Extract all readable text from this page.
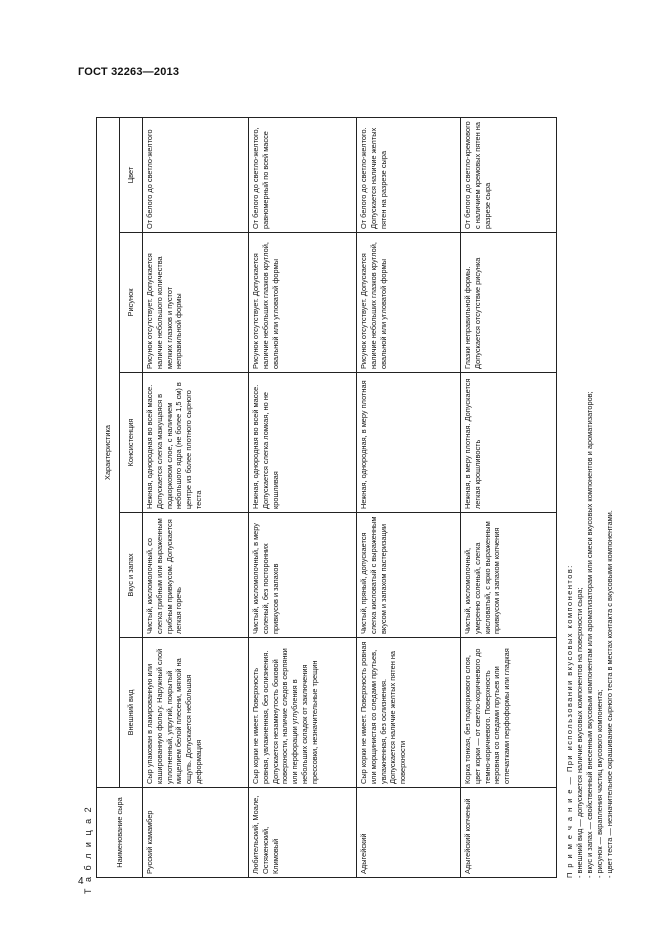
ГОСТ 32263—2013
Т а б л и ц а 2	Наименование сыра	Характеристика				
	Внешний вид	Вкус и запах	Консистенция	Рисунок	Цвет
Русский камамбер	Сыр упакован в лакированную или кашированную фольгу. Наружный слой уплотненный, упругий, покрытый мицелием белой плесени, мягкой на ощупь. Допускается небольшая деформация	Чистый, кисломолочный, со слегка грибным или выраженным грибным привкусом. Допускается легкая горечь	Нежная, однородная во всей массе. Допускается слегка мажущаяся в подкорковом слое, с наличием небольшого ядра (не более 1,5 см) в центре из более плотного сырного теста	Рисунок отсутствует. Допускается наличие небольшого количества мелких глазков и пустот неправильной формы	От белого до светло-желтого
Любительский, Моале, Остяженский, Климовый	Сыр корки не имеет. Поверхность ровная, увлажненная, без ослизнения. Допускается незамкнутость боковой поверхности, наличие следов серпянки или перфорации углубления в небольших складок от заключения прессовки, незначительные трещин	Чистый, кисломолочный, в меру соленый, без посторонних привкусов и запахов	Нежная, однородная во всей массе. Допускается слегка ломкая, но не крошливая	Рисунок отсутствует. Допускается наличие небольших глазков круглой, овальной или угловатой формы	От белого до светло-желтого, равномерный по всей массе
Адыгейский	Сыр корки не имеет. Поверхность ровная или морщинистая со следами прутьев, увлажненная, без ослизнения. Допускается наличие желтых пятен на поверхности	Чистый, пряный, допускается слегка кисловатый с выраженным вкусом и запахом пастеризации	Нежная, однородная, в меру плотная	Рисунок отсутствует. Допускается наличие небольших глазков круглой, овальной или угловатой формы	От белого до светло-желтого. Допускается наличие желтых пятен на разрезе сыра
Адыгейский копченый	Корка тонкая, без подкоркового слоя, цвет корки — от светло-коричневого до темно-коричневого. Поверхность неровная со следами прутьев или отпечатками перфоформы или гладкая	Чистый, кисломолочный, умеренно соленый, слегка кисловатый, с ярко выраженным привкусом и запахом копчения	Нежная, в меру плотная. Допускается легкая крошливость	Глазки неправильной формы. Допускается отсутствие рисунка	От белого до светло-кремового с наличием кремовых пятен на разрезе сыра
П р и м е ч а н и е — При использовании вкусовых компонентов: - внешний вид — допускается наличие вкусовых компонентов на поверхности сыра; - вкус и запах — свойственный внесенным вкусовым компонентам или ароматизаторам или смеси вкусовых компонентов и ароматизаторов; - рисунок — вкрапления частиц вкусового компонента; - цвет теста — незначительное окрашивание сырного теста в местах контакта с вкусовыми компонентами.
4
